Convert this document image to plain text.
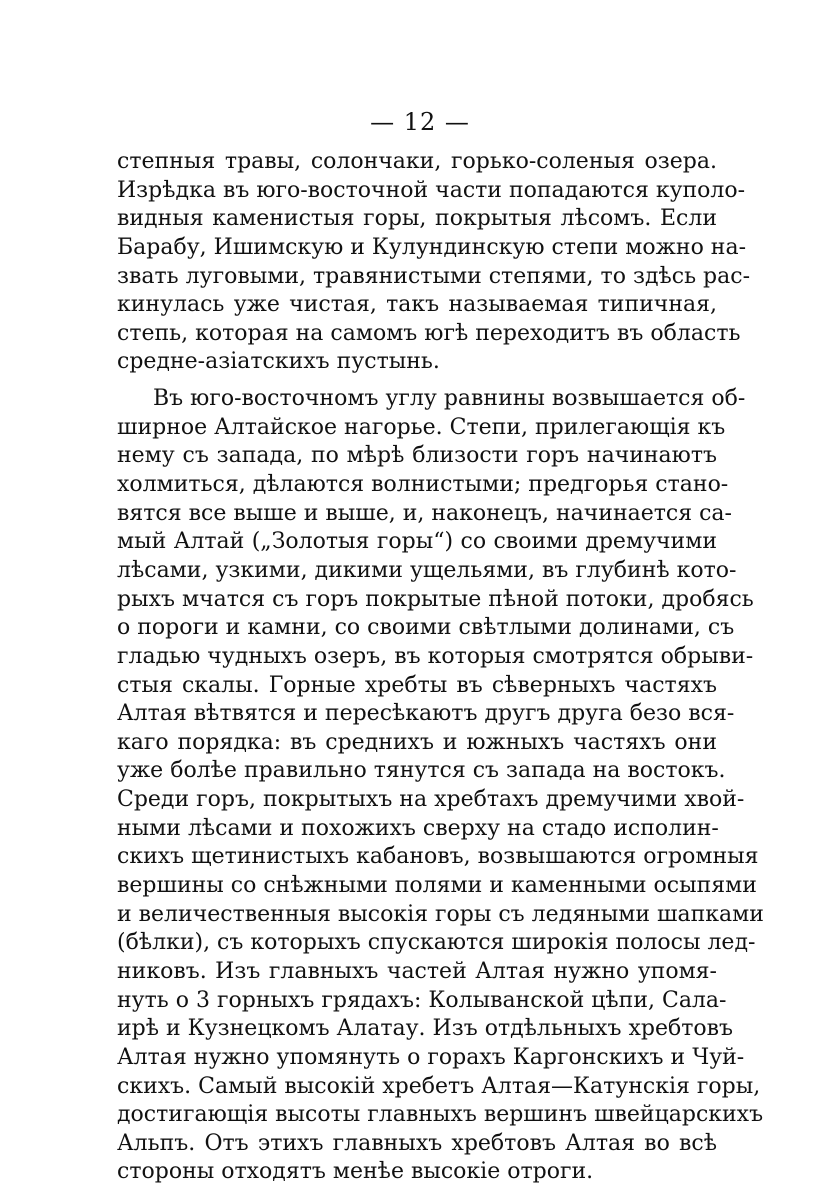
— 12 —
степныя травы, солончаки, горько-соленыя озера.
Изрѣдка въ юго-восточной части попадаются куполо-
видныя каменистыя горы, покрытыя лѣсомъ. Если
Барабу, Ишимскую и Кулундинскую степи можно на-
звать луговыми, травянистыми степями, то здѣсь рас-
кинулась уже чистая, такъ называемая типичная,
степь, которая на самомъ югѣ переходитъ въ область
средне-азіатскихъ пустынь.
Въ юго-восточномъ углу равнины возвышается об-
ширное Алтайское нагорье. Степи, прилегающія къ
нему съ запада, по мѣрѣ близости горъ начинаютъ
холмиться, дѣлаются волнистыми; предгорья стано-
вятся все выше и выше, и, наконецъ, начинается са-
мый Алтай („Золотыя горы“) со своими дремучими
лѣсами, узкими, дикими ущельями, въ глубинѣ кото-
рыхъ мчатся съ горъ покрытые пѣной потоки, дробясь
о пороги и камни, со своими свѣтлыми долинами, съ
гладью чудныхъ озеръ, въ которыя смотрятся обрыви-
стыя скалы. Горные хребты въ сѣверныхъ частяхъ
Алтая вѣтвятся и пересѣкаютъ другъ друга безо вся-
каго порядка: въ среднихъ и южныхъ частяхъ они
уже болѣе правильно тянутся съ запада на востокъ.
Среди горъ, покрытыхъ на хребтахъ дремучими хвой-
ными лѣсами и похожихъ сверху на стадо исполин-
скихъ щетинистыхъ кабановъ, возвышаются огромныя
вершины со снѣжными полями и каменными осыпями
и величественныя высокія горы съ ледяными шапками
(бѣлки), съ которыхъ спускаются широкія полосы лед-
никовъ. Изъ главныхъ частей Алтая нужно упомя-
нуть о 3 горныхъ грядахъ: Колыванской цѣпи, Сала-
ирѣ и Кузнецкомъ Алатау. Изъ отдѣльныхъ хребтовъ
Алтая нужно упомянуть о горахъ Каргонскихъ и Чуй-
скихъ. Самый высокій хребетъ Алтая—Катунскія горы,
достигающія высоты главныхъ вершинъ швейцарскихъ
Альпъ. Отъ этихъ главныхъ хребтовъ Алтая во всѣ
стороны отходятъ менѣе высокіе отроги.
